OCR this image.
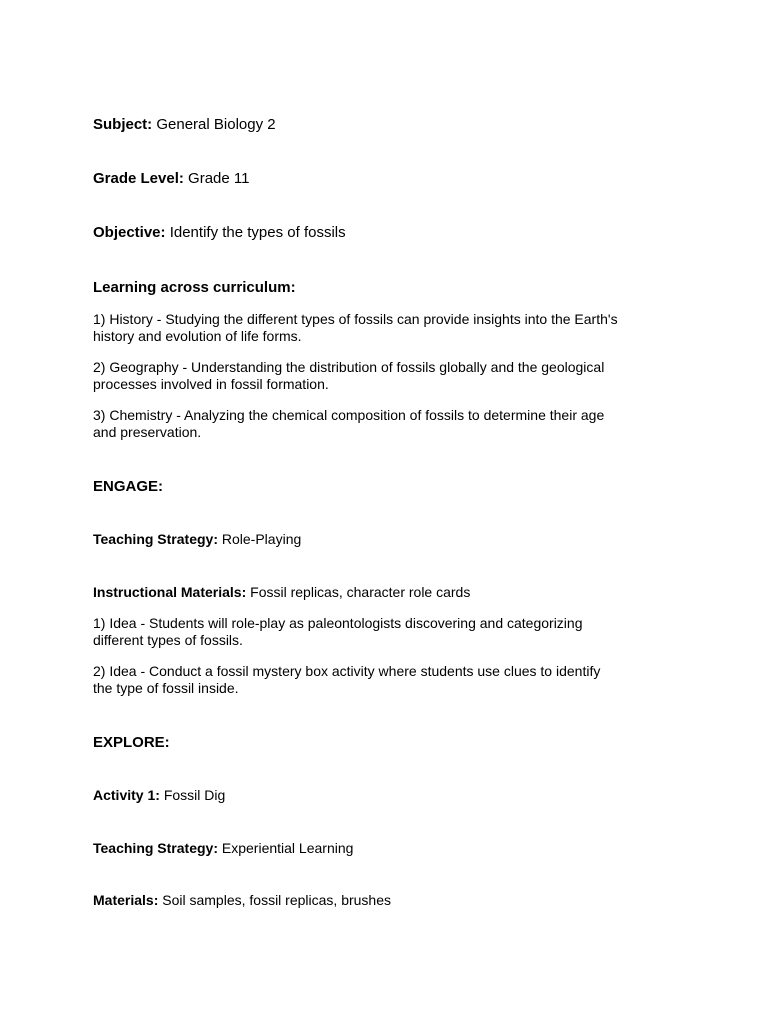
Subject: General Biology 2
Grade Level: Grade 11
Objective: Identify the types of fossils
Learning across curriculum:
1) History - Studying the different types of fossils can provide insights into the Earth's
history and evolution of life forms.
2) Geography - Understanding the distribution of fossils globally and the geological
processes involved in fossil formation.
3) Chemistry - Analyzing the chemical composition of fossils to determine their age
and preservation.
ENGAGE:
Teaching Strategy: Role-Playing
Instructional Materials: Fossil replicas, character role cards
1) Idea - Students will role-play as paleontologists discovering and categorizing
different types of fossils.
2) Idea - Conduct a fossil mystery box activity where students use clues to identify
the type of fossil inside.
EXPLORE:
Activity 1: Fossil Dig
Teaching Strategy: Experiential Learning
Materials: Soil samples, fossil replicas, brushes
